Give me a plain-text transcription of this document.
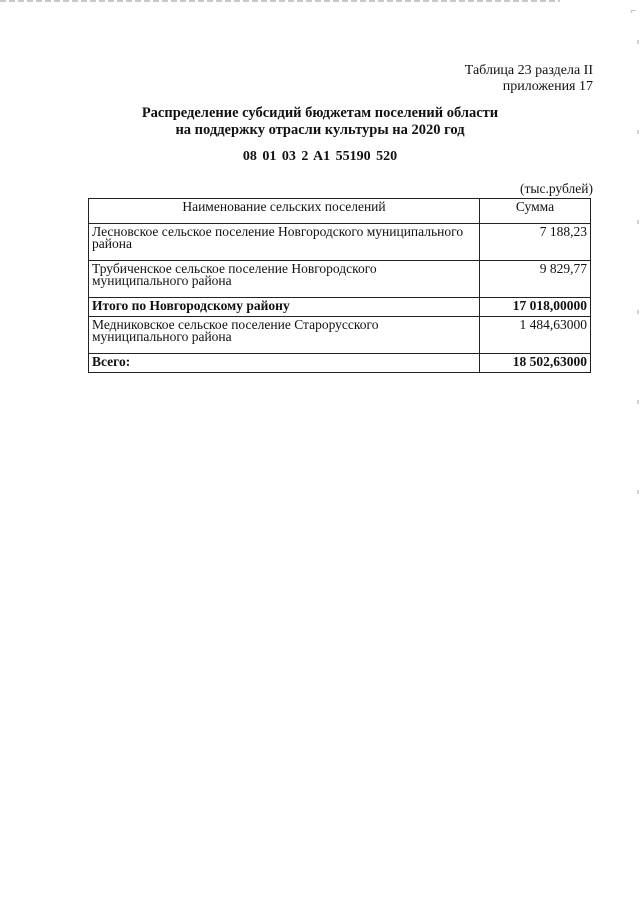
⌐
Таблица 23 раздела II
приложения 17
Распределение субсидий бюджетам поселений области
на поддержку отрасли культуры на 2020 год
08 01 03 2 A1 55190 520
(тыс.рублей)
Наименование сельских поселений	Сумма
Лесновское сельское поселение Новгородского муниципального района	7 188,23
Трубиченское сельское поселение Новгородского муниципального района	9 829,77
Итого по Новгородскому району	17 018,00000
Медниковское сельское поселение Старорусского муниципального района	1 484,63000
Всего:	18 502,63000
